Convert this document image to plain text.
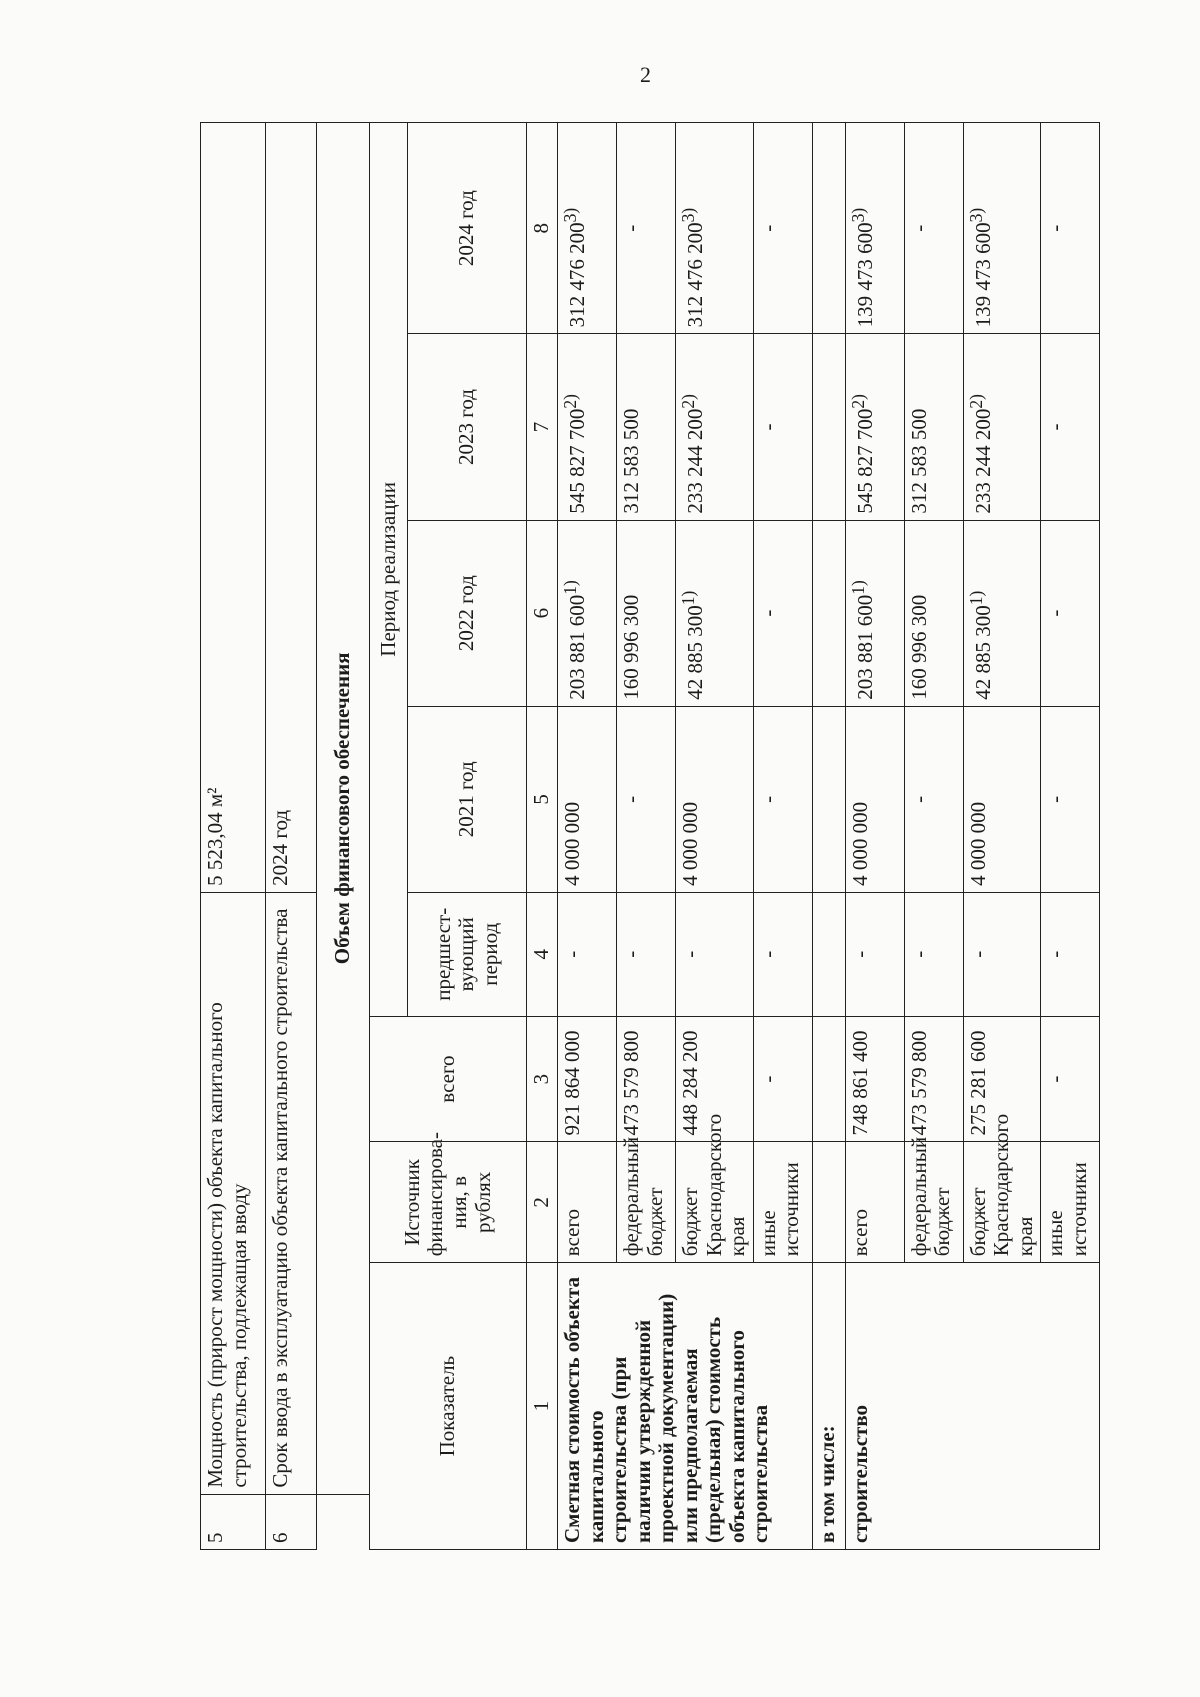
2
5	Мощность (прирост мощности) объекта капитального строительства, подлежащая вводу				5 523,04 м²			
6	Срок ввода в эксплуатацию объекта капитального строительства				2024 год			
	Объем финансового обеспечения							
Показатель		Источник финансирова-ния, в рублях	всего	Период реализации				
				предшест-вующий период	2021 год	2022 год	2023 год	2024 год
1		2	3	4	5	6	7	8
Сметная стоимость объекта капитального строительства (при наличии утвержденной проектной документации) или предполагаемая (предельная) стоимость объекта капитального строительства		всего	921 864 000	-	4 000 000	203 881 600$^{1)}$	545 827 700$^{2)}$	312 476 200$^{3)}$
		федеральный бюджет	473 579 800	-	-	160 996 300	312 583 500	-
		бюджет Краснодарского края	448 284 200	-	4 000 000	42 885 300$^{1)}$	233 244 200$^{2)}$	312 476 200$^{3)}$
		иные источники	-	-	-	-	-	-
в том числе:								
строительство		всего	748 861 400	-	4 000 000	203 881 600$^{1)}$	545 827 700$^{2)}$	139 473 600$^{3)}$
		федеральный бюджет	473 579 800	-	-	160 996 300	312 583 500	-
		бюджет Краснодарского края	275 281 600	-	4 000 000	42 885 300$^{1)}$	233 244 200$^{2)}$	139 473 600$^{3)}$
		иные источники	-	-	-	-	-	-
